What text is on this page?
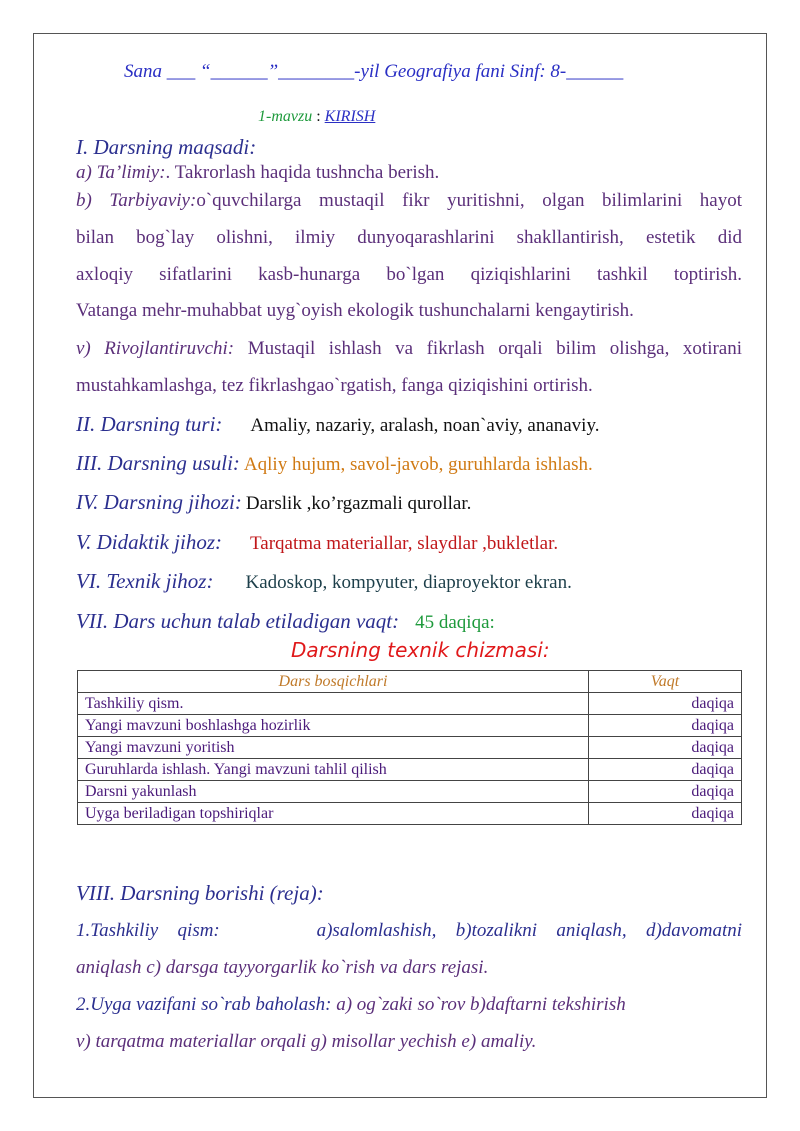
Sana ___ “______”________-yil Geografiya fani Sinf: 8-______
1-mavzu : KIRISH
I. Darsning maqsadi:
a) Ta’limiy:. Takrorlash haqida tushncha berish.
b) Tarbiyaviy:o`quvchilarga mustaqil fikr yuritishni, olgan bilimlarini hayot
bilan bog`lay olishni, ilmiy dunyoqarashlarini shakllantirish, estetik did
axloqiy sifatlarini kasb-hunarga bo`lgan qiziqishlarini tashkil toptirish.
Vatanga mehr-muhabbat uyg`oyish ekologik tushunchalarni kengaytirish.
v) Rivojlantiruvchi: Mustaqil ishlash va fikrlash orqali bilim olishga, xotirani
mustahkamlashga, tez fikrlashgao`rgatish, fanga qiziqishini ortirish.
II. Darsning turi: Amaliy, nazariy, aralash, noan`aviy, ananaviy.
III. Darsning usuli: Aqliy hujum, savol-javob, guruhlarda ishlash.
IV. Darsning jihozi: Darslik ,ko’rgazmali qurollar.
V. Didaktik jihoz: Tarqatma materiallar, slaydlar ,bukletlar.
VI. Texnik jihoz: Kadoskop, kompyuter, diaproyektor ekran.
VII. Dars uchun talab etiladigan vaqt: 45 daqiqa:
Darsning texnik chizmasi:
Dars bosqichlari	Vaqt
Tashkiliy qism.	daqiqa
Yangi mavzuni boshlashga hozirlik	daqiqa
Yangi mavzuni yoritish	daqiqa
Guruhlarda ishlash. Yangi mavzuni tahlil qilish	daqiqa
Darsni yakunlash	daqiqa
Uyga beriladigan topshiriqlar	daqiqa
VIII. Darsning borishi (reja):
1.Tashkiliy qism:	a)salomlashish, b)tozalikni aniqlash, d)davomatni
aniqlash c) darsga tayyorgarlik ko`rish va dars rejasi.
2.Uyga vazifani so`rab baholash: a) og`zaki so`rov b)daftarni tekshirish
v) tarqatma materiallar orqali g) misollar yechish e) amaliy.
